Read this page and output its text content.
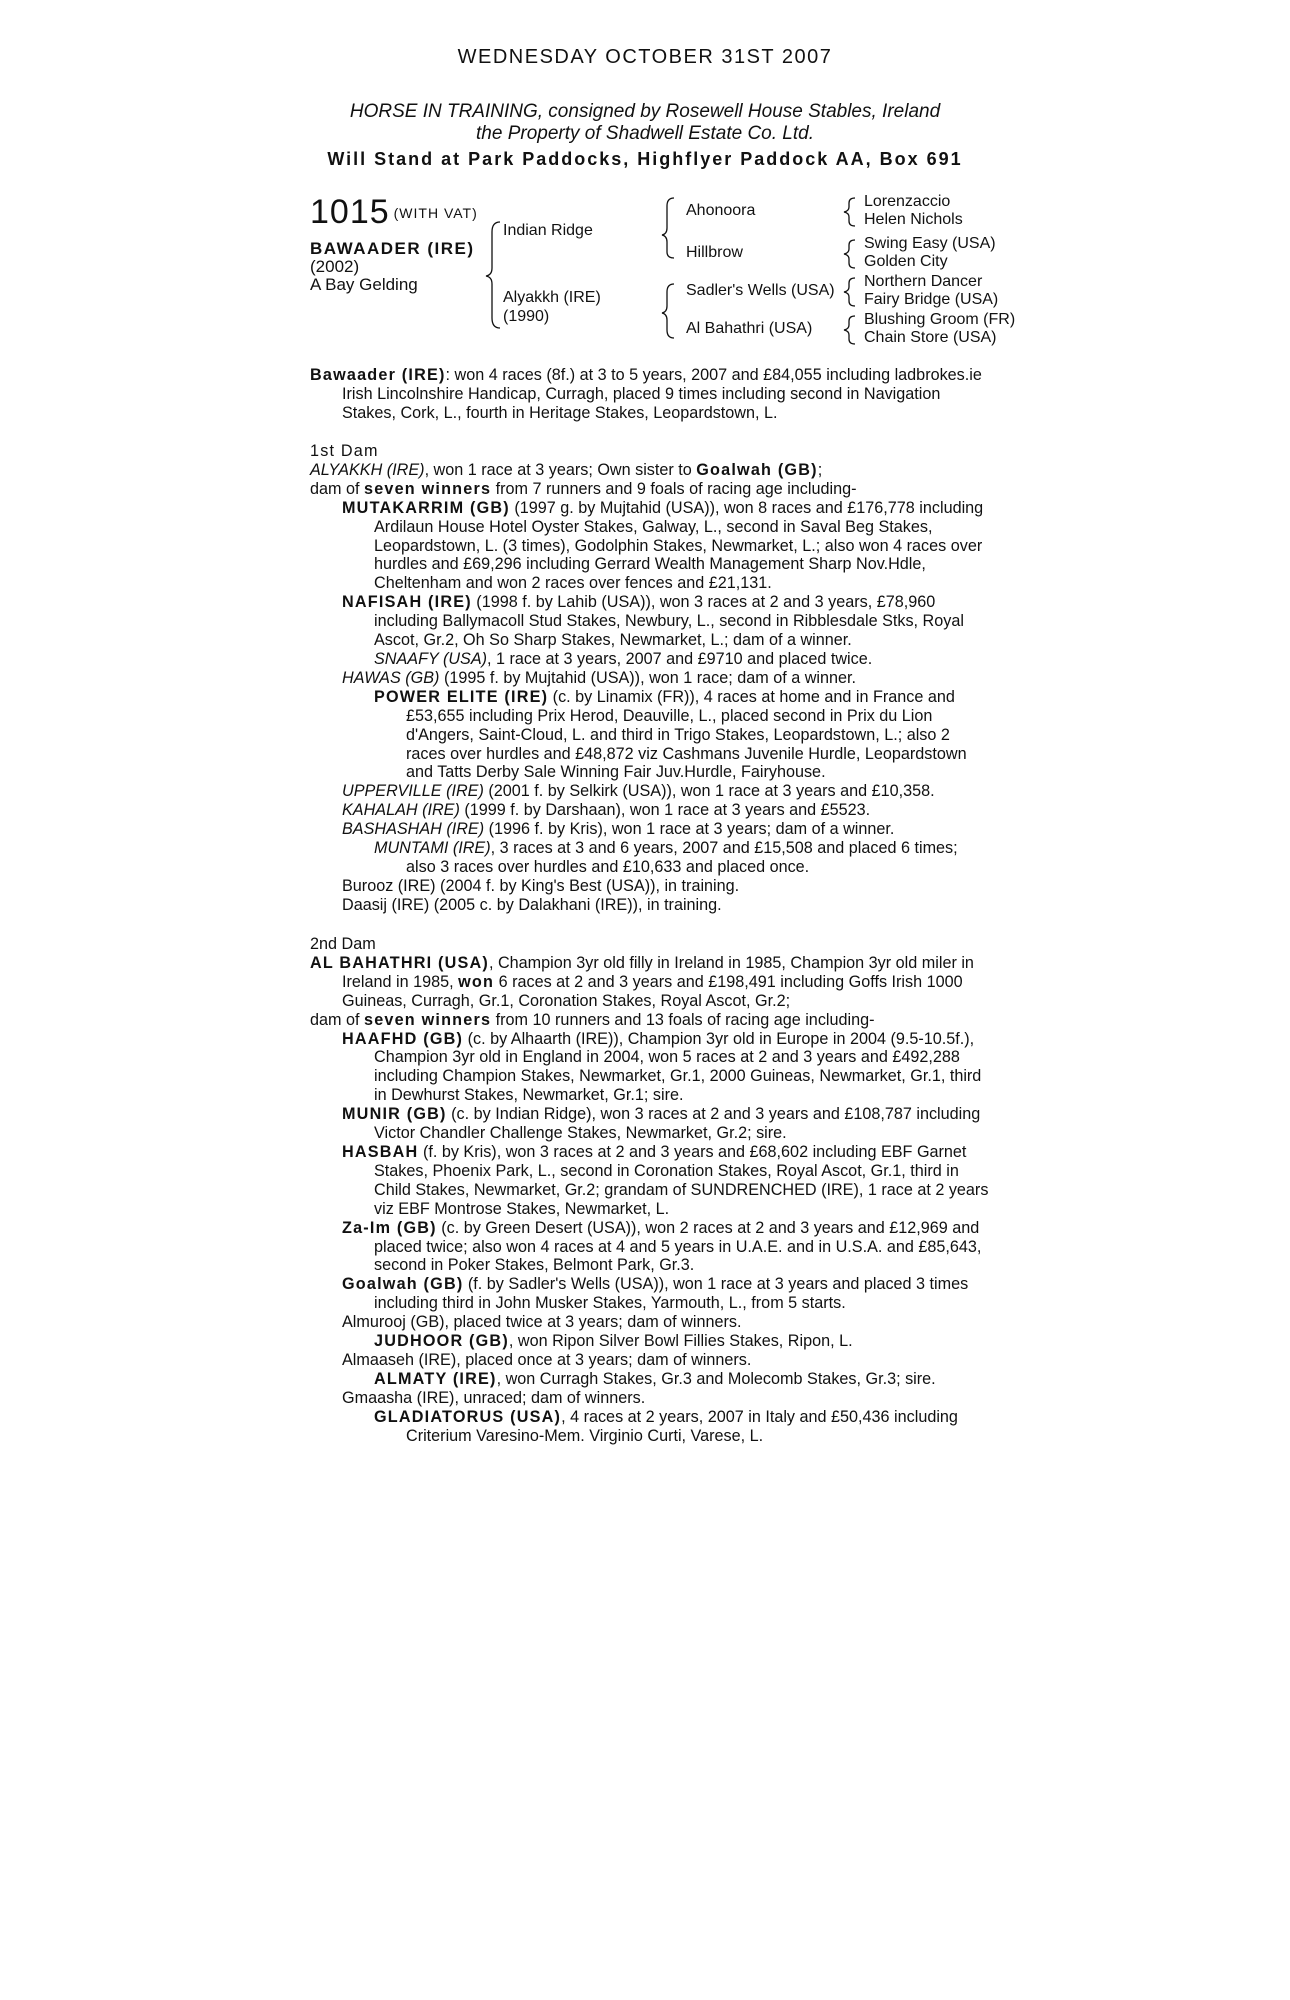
WEDNESDAY OCTOBER 31ST 2007
HORSE IN TRAINING, consigned by Rosewell House Stables, Ireland
the Property of Shadwell Estate Co. Ltd.
Will Stand at Park Paddocks, Highflyer Paddock AA, Box 691
1015 (WITH VAT)
BAWAADER (IRE)
(2002)
A Bay Gelding
Indian Ridge
Alyakkh (IRE)
(1990)
Ahonoora
Hillbrow
Sadler's Wells (USA)
Al Bahathri (USA)
Lorenzaccio
Helen Nichols
Swing Easy (USA)
Golden City
Northern Dancer
Fairy Bridge (USA)
Blushing Groom (FR)
Chain Store (USA)

Bawaader (IRE): won 4 races (8f.) at 3 to 5 years, 2007 and £84,055 including ladbrokes.ie Irish Lincolnshire Handicap, Curragh, placed 9 times including second in Navigation Stakes, Cork, L., fourth in Heritage Stakes, Leopardstown, L.

1st Dam

ALYAKKH (IRE), won 1 race at 3 years; Own sister to Goalwah (GB);

dam of seven winners from 7 runners and 9 foals of racing age including-

MUTAKARRIM (GB) (1997 g. by Mujtahid (USA)), won 8 races and £176,778 including Ardilaun House Hotel Oyster Stakes, Galway, L., second in Saval Beg Stakes, Leopardstown, L. (3 times), Godolphin Stakes, Newmarket, L.; also won 4 races over hurdles and £69,296 including Gerrard Wealth Management Sharp Nov.Hdle, Cheltenham and won 2 races over fences and £21,131.

NAFISAH (IRE) (1998 f. by Lahib (USA)), won 3 races at 2 and 3 years, £78,960 including Ballymacoll Stud Stakes, Newbury, L., second in Ribblesdale Stks, Royal Ascot, Gr.2, Oh So Sharp Stakes, Newmarket, L.; dam of a winner.

SNAAFY (USA), 1 race at 3 years, 2007 and £9710 and placed twice.

HAWAS (GB) (1995 f. by Mujtahid (USA)), won 1 race; dam of a winner.

POWER ELITE (IRE) (c. by Linamix (FR)), 4 races at home and in France and £53,655 including Prix Herod, Deauville, L., placed second in Prix du Lion d'Angers, Saint-Cloud, L. and third in Trigo Stakes, Leopardstown, L.; also 2 races over hurdles and £48,872 viz Cashmans Juvenile Hurdle, Leopardstown and Tatts Derby Sale Winning Fair Juv.Hurdle, Fairyhouse.

UPPERVILLE (IRE) (2001 f. by Selkirk (USA)), won 1 race at 3 years and £10,358.

KAHALAH (IRE) (1999 f. by Darshaan), won 1 race at 3 years and £5523.

BASHASHAH (IRE) (1996 f. by Kris), won 1 race at 3 years; dam of a winner.

MUNTAMI (IRE), 3 races at 3 and 6 years, 2007 and £15,508 and placed 6 times; also 3 races over hurdles and £10,633 and placed once.

Burooz (IRE) (2004 f. by King's Best (USA)), in training.

Daasij (IRE) (2005 c. by Dalakhani (IRE)), in training.

2nd Dam

AL BAHATHRI (USA), Champion 3yr old filly in Ireland in 1985, Champion 3yr old miler in Ireland in 1985, won 6 races at 2 and 3 years and £198,491 including Goffs Irish 1000 Guineas, Curragh, Gr.1, Coronation Stakes, Royal Ascot, Gr.2;

dam of seven winners from 10 runners and 13 foals of racing age including-

HAAFHD (GB) (c. by Alhaarth (IRE)), Champion 3yr old in Europe in 2004 (9.5-10.5f.), Champion 3yr old in England in 2004, won 5 races at 2 and 3 years and £492,288 including Champion Stakes, Newmarket, Gr.1, 2000 Guineas, Newmarket, Gr.1, third in Dewhurst Stakes, Newmarket, Gr.1; sire.

MUNIR (GB) (c. by Indian Ridge), won 3 races at 2 and 3 years and £108,787 including Victor Chandler Challenge Stakes, Newmarket, Gr.2; sire.

HASBAH (f. by Kris), won 3 races at 2 and 3 years and £68,602 including EBF Garnet Stakes, Phoenix Park, L., second in Coronation Stakes, Royal Ascot, Gr.1, third in Child Stakes, Newmarket, Gr.2; grandam of SUNDRENCHED (IRE), 1 race at 2 years viz EBF Montrose Stakes, Newmarket, L.

Za-Im (GB) (c. by Green Desert (USA)), won 2 races at 2 and 3 years and £12,969 and placed twice; also won 4 races at 4 and 5 years in U.A.E. and in U.S.A. and £85,643, second in Poker Stakes, Belmont Park, Gr.3.

Goalwah (GB) (f. by Sadler's Wells (USA)), won 1 race at 3 years and placed 3 times including third in John Musker Stakes, Yarmouth, L., from 5 starts.

Almurooj (GB), placed twice at 3 years; dam of winners.

JUDHOOR (GB), won Ripon Silver Bowl Fillies Stakes, Ripon, L.

Almaaseh (IRE), placed once at 3 years; dam of winners.

ALMATY (IRE), won Curragh Stakes, Gr.3 and Molecomb Stakes, Gr.3; sire.

Gmaasha (IRE), unraced; dam of winners.

GLADIATORUS (USA), 4 races at 2 years, 2007 in Italy and £50,436 including Criterium Varesino-Mem. Virginio Curti, Varese, L.
